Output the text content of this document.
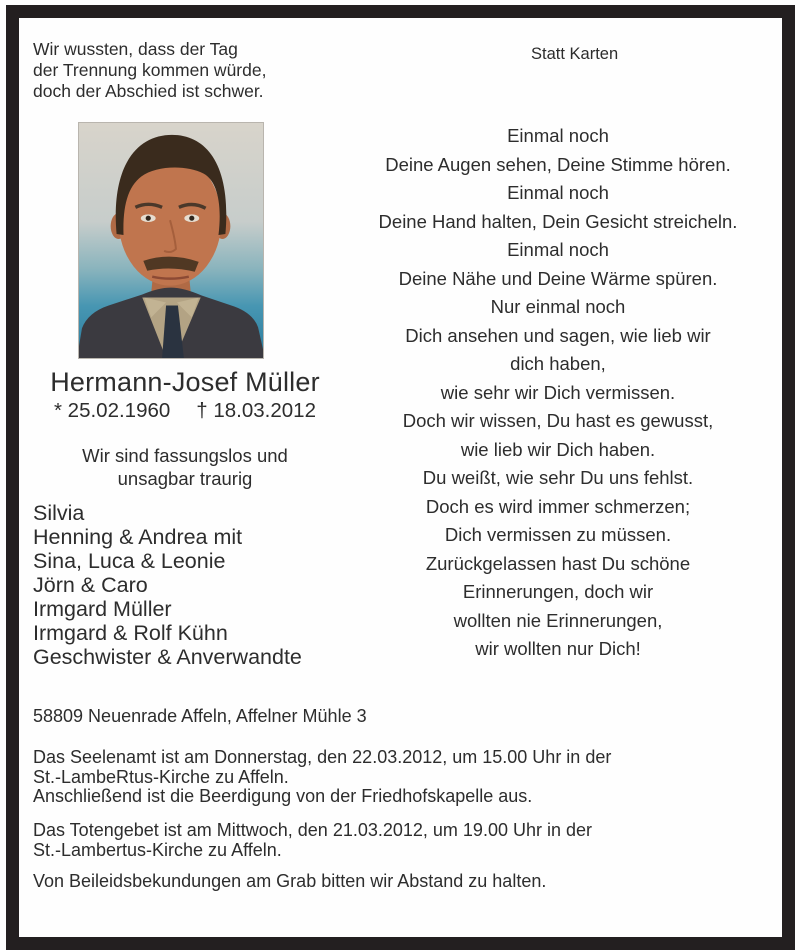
Wir wussten, dass der Tag
der Trennung kommen würde,
doch der Abschied ist schwer.
Statt Karten
Hermann-Josef Müller
* 25.02.1960 † 18.03.2012
Wir sind fassungslos und
unsagbar traurig
Silvia
Henning & Andrea mit
Sina, Luca & Leonie
Jörn & Caro
Irmgard Müller
Irmgard & Rolf Kühn
Geschwister & Anverwandte
Einmal noch
Deine Augen sehen, Deine Stimme hören.
Einmal noch
Deine Hand halten, Dein Gesicht streicheln.
Einmal noch
Deine Nähe und Deine Wärme spüren.
Nur einmal noch
Dich ansehen und sagen, wie lieb wir
dich haben,
wie sehr wir Dich vermissen.
Doch wir wissen, Du hast es gewusst,
wie lieb wir Dich haben.
Du weißt, wie sehr Du uns fehlst.
Doch es wird immer schmerzen;
Dich vermissen zu müssen.
Zurückgelassen hast Du schöne
Erinnerungen, doch wir
wollten nie Erinnerungen,
wir wollten nur Dich!
58809 Neuenrade Affeln, Affelner Mühle 3
Das Seelenamt ist am Donnerstag, den 22.03.2012, um 15.00 Uhr in der
St.-LambeRtus-Kirche zu Affeln.
Anschließend ist die Beerdigung von der Friedhofskapelle aus.
Das Totengebet ist am Mittwoch, den 21.03.2012, um 19.00 Uhr in der
St.-Lambertus-Kirche zu Affeln.
Von Beileidsbekundungen am Grab bitten wir Abstand zu halten.
